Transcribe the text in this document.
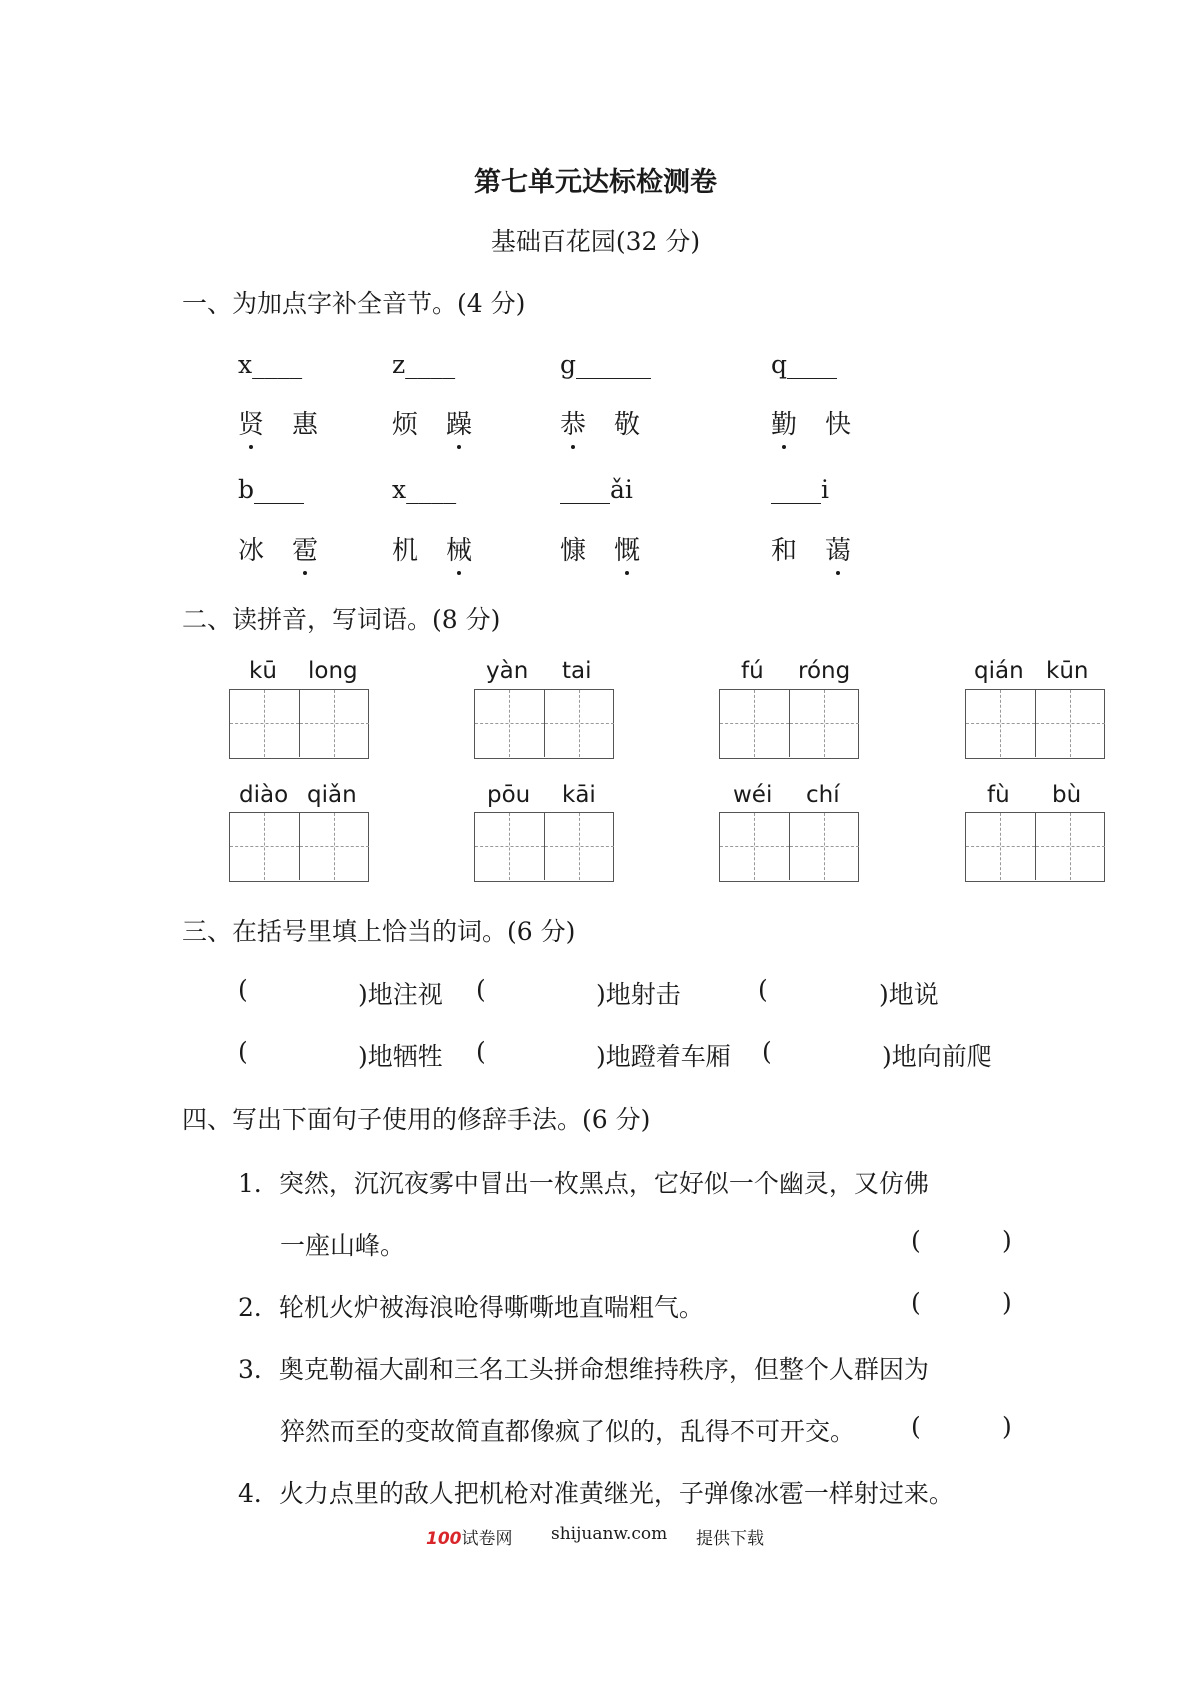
第七单元达标检测卷
基础百花园(32 分)
一、为加点字补全音节。(4 分)
x____	z____	g______	q____
贤 惠	烦 躁	恭 敬	勤 快
b____	x____	____ǎi	____i
冰 雹	机 械	慷 慨	和 蔼
二、读拼音，写词语。(8 分)
kū long	yàn tai	fú róng	qián kūn
diào qiǎn	pōu kāi	wéi chí	fù bù
三、在括号里填上恰当的词。(6 分)
(	)地注视 (	)地射击	(	)地说
(	)地牺牲 (	)地蹬着车厢 (	)地向前爬
四、写出下面句子使用的修辞手法。(6 分)
1．突然，沉沉夜雾中冒出一枚黑点，它好似一个幽灵，又仿佛
一座山峰。	(	)
2．轮机火炉被海浪呛得嘶嘶地直喘粗气。	(	)
3．奥克勒福大副和三名工头拼命想维持秩序，但整个人群因为
猝然而至的变故简直都像疯了似的，乱得不可开交。 (	)
4．火力点里的敌人把机枪对准黄继光，子弹像冰雹一样射过来。
100试卷网 shijuanw.com 提供下载
